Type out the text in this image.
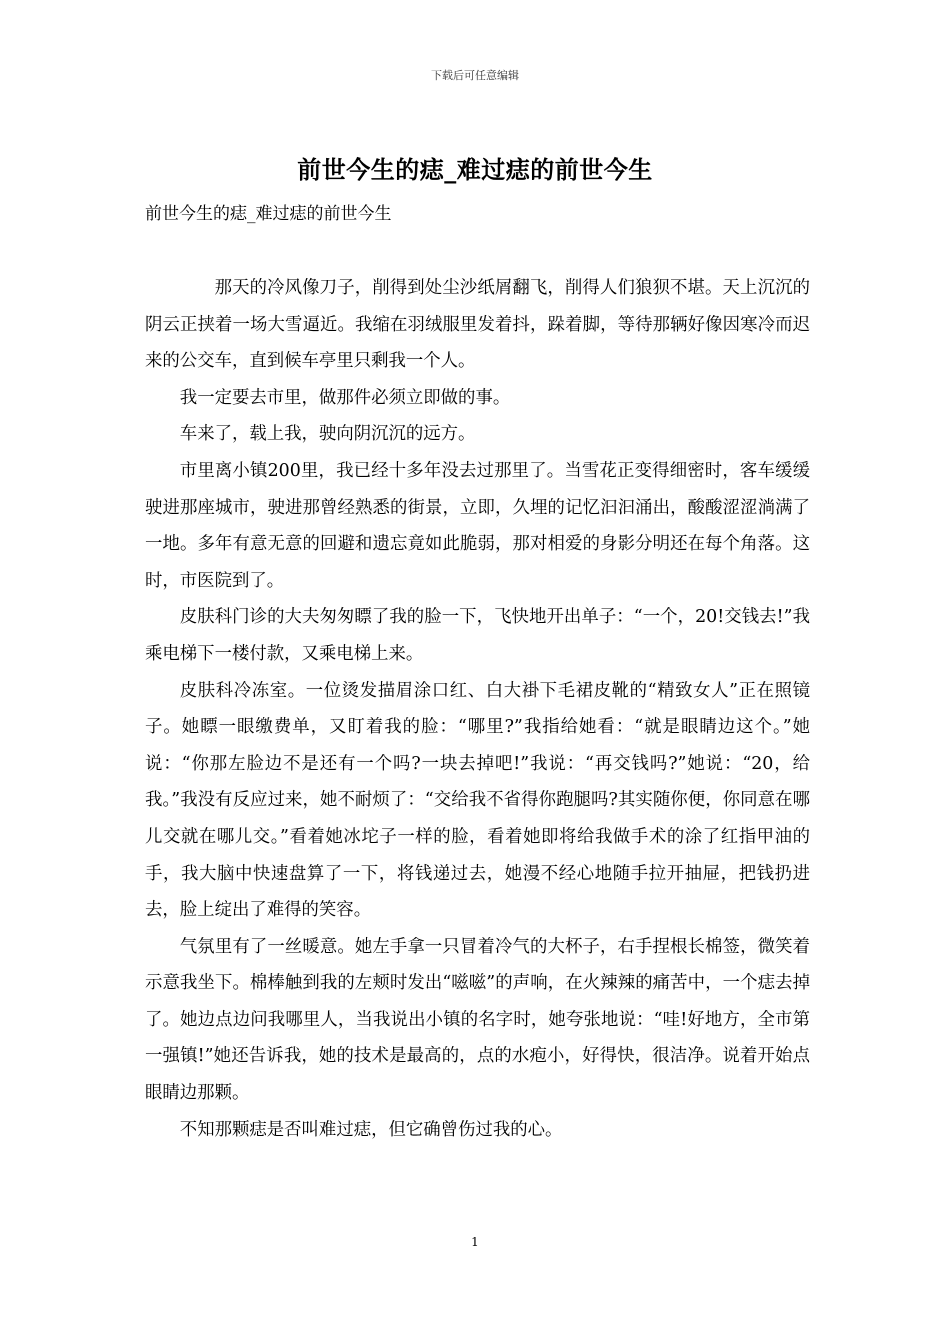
下载后可任意编辑
前世今生的痣_难过痣的前世今生
前世今生的痣_难过痣的前世今生

那天的冷风像刀子，削得到处尘沙纸屑翻飞，削得人们狼狈不堪。天上沉沉的阴云正挟着一场大雪逼近。我缩在羽绒服里发着抖，跺着脚，等待那辆好像因寒冷而迟来的公交车，直到候车亭里只剩我一个人。

我一定要去市里，做那件必须立即做的事。

车来了，载上我，驶向阴沉沉的远方。

市里离小镇200里，我已经十多年没去过那里了。当雪花正变得细密时，客车缓缓驶进那座城市，驶进那曾经熟悉的街景，立即，久埋的记忆汩汩涌出，酸酸涩涩淌满了一地。多年有意无意的回避和遗忘竟如此脆弱，那对相爱的身影分明还在每个角落。这时，市医院到了。

皮肤科门诊的大夫匆匆瞟了我的脸一下，飞快地开出单子：“一个，20!交钱去!”我乘电梯下一楼付款，又乘电梯上来。

皮肤科冷冻室。一位烫发描眉涂口红、白大褂下毛裙皮靴的“精致女人”正在照镜子。她瞟一眼缴费单，又盯着我的脸：“哪里?”我指给她看：“就是眼睛边这个。”她说：“你那左脸边不是还有一个吗?一块去掉吧!”我说：“再交钱吗?”她说：“20，给我。”我没有反应过来，她不耐烦了：“交给我不省得你跑腿吗?其实随你便，你同意在哪儿交就在哪儿交。”看着她冰坨子一样的脸，看着她即将给我做手术的涂了红指甲油的手，我大脑中快速盘算了一下，将钱递过去，她漫不经心地随手拉开抽屉，把钱扔进去，脸上绽出了难得的笑容。

气氛里有了一丝暖意。她左手拿一只冒着冷气的大杯子，右手捏根长棉签，微笑着示意我坐下。棉棒触到我的左颊时发出“嗞嗞”的声响，在火辣辣的痛苦中，一个痣去掉了。她边点边问我哪里人，当我说出小镇的名字时，她夸张地说：“哇!好地方，全市第一强镇!”她还告诉我，她的技术是最高的，点的水疱小，好得快，很洁净。说着开始点眼睛边那颗。

不知那颗痣是否叫难过痣，但它确曾伤过我的心。

1
